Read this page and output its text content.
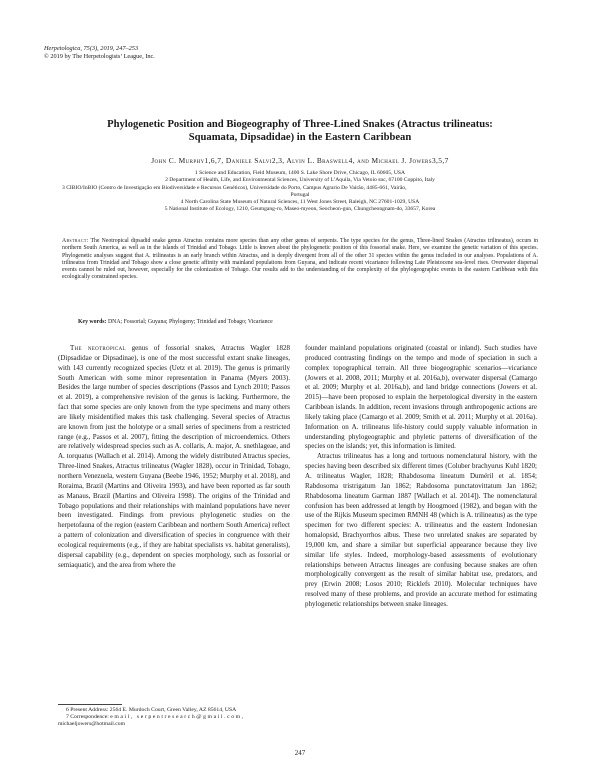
Herpetologica, 75(3), 2019, 247–253
© 2019 by The Herpetologists’ League, Inc.
Phylogenetic Position and Biogeography of Three-Lined Snakes (Atractus trilineatus:
Squamata, Dipsadidae) in the Eastern Caribbean
John C. Murphy1,6,7, Daniele Salvi2,3, Alvin L. Braswell4, and Michael J. Jowers3,5,7
1 Science and Education, Field Museum, 1400 S. Lake Shore Drive, Chicago, IL 60605, USA
2 Department of Health, Life, and Environmental Sciences, University of L’Aquila, Via Vetoio snc, 67100 Coppito, Italy
3 CIBIO/InBIO (Centro de Investigação em Biodiversidade e Recursos Genéticos), Universidade do Porto, Campus Agrario De Vairão, 4485-661, Vairão,
Portugal
4 North Carolina State Museum of Natural Sciences, 11 West Jones Street, Raleigh, NC 27601-1029, USA
5 National Institute of Ecology, 1210, Geumgang-ro, Maseo-myeon, Seocheon-gun, Chungcheongnam-do, 33657, Korea
Abstract: The Neotropical dipsadid snake genus Atractus contains more species than any other genus of serpents. The type species for the genus, Three-lined Snakes (Atractus trilineatus), occurs in northern South America, as well as in the islands of Trinidad and Tobago. Little is known about the phylogenetic position of this fossorial snake. Here, we examine the genetic variation of this species. Phylogenetic analyses suggest that A. trilineatus is an early branch within Atractus, and is deeply divergent from all of the other 31 species within the genus included in our analyses. Populations of A. trilineatus from Trinidad and Tobago show a close genetic affinity with mainland populations from Guyana, and indicate recent vicariance following Late Pleistocene sea-level rises. Overwater dispersal events cannot be ruled out, however, especially for the colonization of Tobago. Our results add to the understanding of the complexity of the phylogeographic events in the eastern Caribbean with this ecologically constrained species.
Key words: DNA; Fossorial; Guyana; Phylogeny; Trinidad and Tobago; Vicariance

The neotropical genus of fossorial snakes, Atractus Wagler 1828 (Dipsadidae or Dipsadinae), is one of the most successful extant snake lineages, with 143 currently recognized species (Uetz et al. 2019). The genus is primarily South American with some minor representation in Panama (Myers 2003). Besides the large number of species descriptions (Passos and Lynch 2010; Passos et al. 2019), a comprehensive revision of the genus is lacking. Furthermore, the fact that some species are only known from the type specimens and many others are likely misidentified makes this task challenging. Several species of Atractus are known from just the holotype or a small series of specimens from a restricted range (e.g., Passos et al. 2007), fitting the description of microendemics. Others are relatively widespread species such as A. collaris, A. major, A. snethlageae, and A. torquatus (Wallach et al. 2014). Among the widely distributed Atractus species, Three-lined Snakes, Atractus trilineatus (Wagler 1828), occur in Trinidad, Tobago, northern Venezuela, western Guyana (Beebe 1946, 1952; Murphy et al. 2018), and Roraima, Brazil (Martins and Oliveira 1993), and have been reported as far south as Manaus, Brazil (Martins and Oliveira 1998). The origins of the Trinidad and Tobago populations and their relationships with mainland populations have never been investigated. Findings from previous phylogenetic studies on the herpetofauna of the region (eastern Caribbean and northern South America) reflect a pattern of colonization and diversification of species in congruence with their ecological requirements (e.g., if they are habitat specialists vs. habitat generalists), dispersal capability (e.g., dependent on species morphology, such as fossorial or semiaquatic), and the area from where the

founder mainland populations originated (coastal or inland). Such studies have produced contrasting findings on the tempo and mode of speciation in such a complex topographical terrain. All three biogeographic scenarios—vicariance (Jowers et al. 2008, 2011; Murphy et al. 2016a,b), overwater dispersal (Camargo et al. 2009; Murphy et al. 2016a,b), and land bridge connections (Jowers et al. 2015)—have been proposed to explain the herpetological diversity in the eastern Caribbean islands. In addition, recent invasions through anthropogenic actions are likely taking place (Camargo et al. 2009; Smith et al. 2011; Murphy et al. 2016a). Information on A. trilineatus life-history could supply valuable information in understanding phylogeographic and phyletic patterns of diversification of the species on the islands; yet, this information is limited.

Atractus trilineatus has a long and tortuous nomenclatural history, with the species having been described six different times (Coluber brachyurus Kuhl 1820; A. trilineatus Wagler, 1828; Rhabdosoma lineatum Duméril et al. 1854; Rabdosoma tristrigatum Jan 1862; Rabdosoma punctatovittatum Jan 1862; Rhabdosoma lineatum Garman 1887 [Wallach et al. 2014]). The nomenclatural confusion has been addressed at length by Hoogmoed (1982), and began with the use of the Rijkis Museum specimen RMNH 48 (which is A. trilineatus) as the type specimen for two different species: A. trilineatus and the eastern Indonesian homalopsid, Brachyorrhos albus. These two unrelated snakes are separated by 19,000 km, and share a similar but superficial appearance because they live similar life styles. Indeed, morphology-based assessments of evolutionary relationships between Atractus lineages are confusing because snakes are often morphologically convergent as the result of similar habitat use, predators, and prey (Erwin 2008; Losos 2010; Ricklefs 2010). Molecular techniques have resolved many of these problems, and provide an accurate method for estimating phylogenetic relationships between snake lineages.

6 Present Address: 2564 E. Murdoch Court, Green Valley, AZ 85614, USA
7 Correspondence: email, serpentresearch@gmail.com,
michaeljowers@hotmail.com
247
